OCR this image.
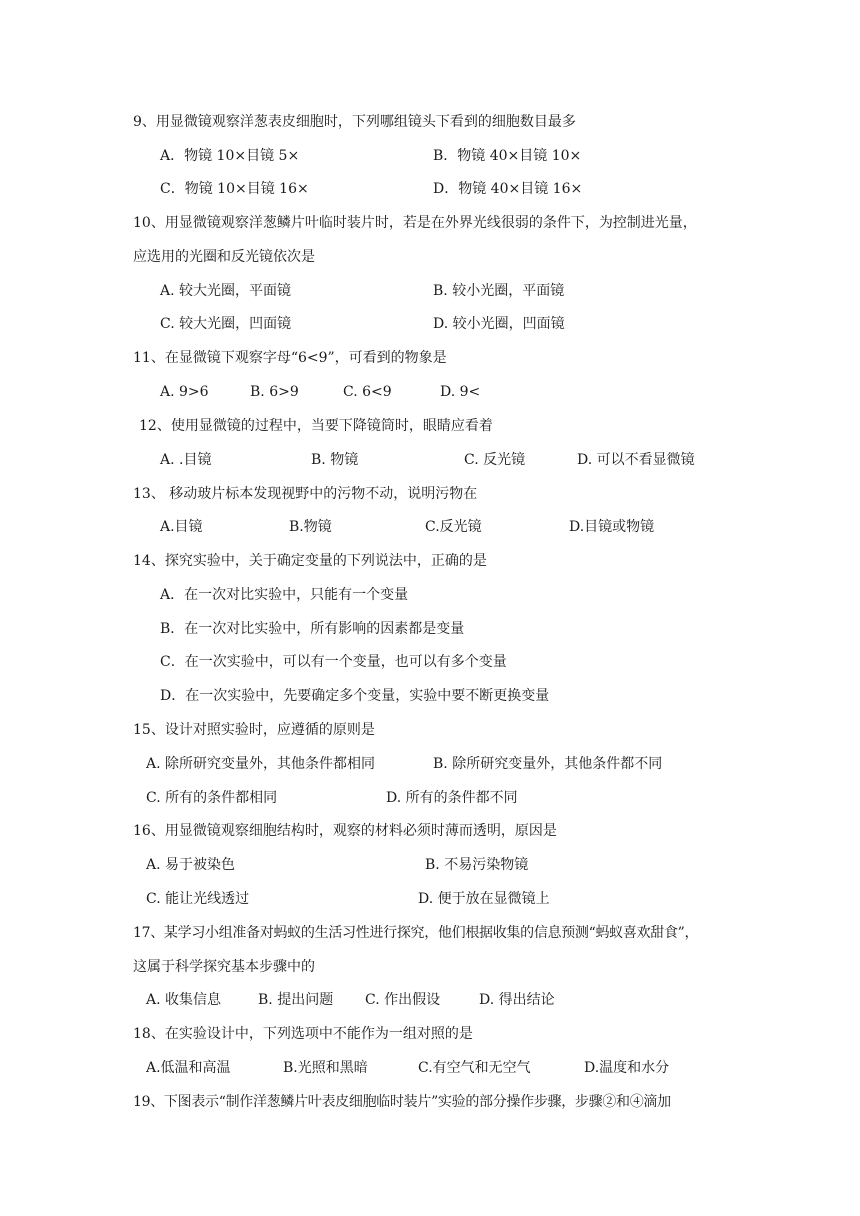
9、用显微镜观察洋葱表皮细胞时，下列哪组镜头下看到的细胞数目最多
A．物镜 10×目镜 5×	B．物镜 40×目镜 10×
C．物镜 10×目镜 16×	D．物镜 40×目镜 16×
10、用显微镜观察洋葱鳞片叶临时装片时，若是在外界光线很弱的条件下，为控制进光量，
应选用的光圈和反光镜依次是
A. 较大光圈，平面镜	B. 较小光圈，平面镜
C. 较大光圈，凹面镜	D. 较小光圈，凹面镜
11、在显微镜下观察字母“6<9”，可看到的物象是
A. 9>6	B. 6>9	C. 6<9	D. 9<
12、使用显微镜的过程中，当要下降镜筒时，眼睛应看着
A. .目镜	B. 物镜	C. 反光镜	D. 可以不看显微镜
13、 移动玻片标本发现视野中的污物不动，说明污物在
A.目镜	B.物镜	C.反光镜	D.目镜或物镜
14、探究实验中，关于确定变量的下列说法中，正确的是
A．在一次对比实验中，只能有一个变量
B．在一次对比实验中，所有影响的因素都是变量
C．在一次实验中，可以有一个变量，也可以有多个变量
D．在一次实验中，先要确定多个变量，实验中要不断更换变量
15、设计对照实验时，应遵循的原则是
A. 除所研究变量外，其他条件都相同	B. 除所研究变量外，其他条件都不同
C. 所有的条件都相同	D. 所有的条件都不同
16、用显微镜观察细胞结构时，观察的材料必须时薄而透明，原因是
A. 易于被染色	B. 不易污染物镜
C. 能让光线透过	D. 便于放在显微镜上
17、某学习小组准备对蚂蚁的生活习性进行探究，他们根据收集的信息预测“蚂蚁喜欢甜食”，
这属于科学探究基本步骤中的
A. 收集信息	B. 提出问题 C. 作出假设	D. 得出结论
18、在实验设计中，下列选项中不能作为一组对照的是
A.低温和高温	B.光照和黑暗	C.有空气和无空气	D.温度和水分
19、下图表示“制作洋葱鳞片叶表皮细胞临时装片”实验的部分操作步骤，步骤②和④滴加
